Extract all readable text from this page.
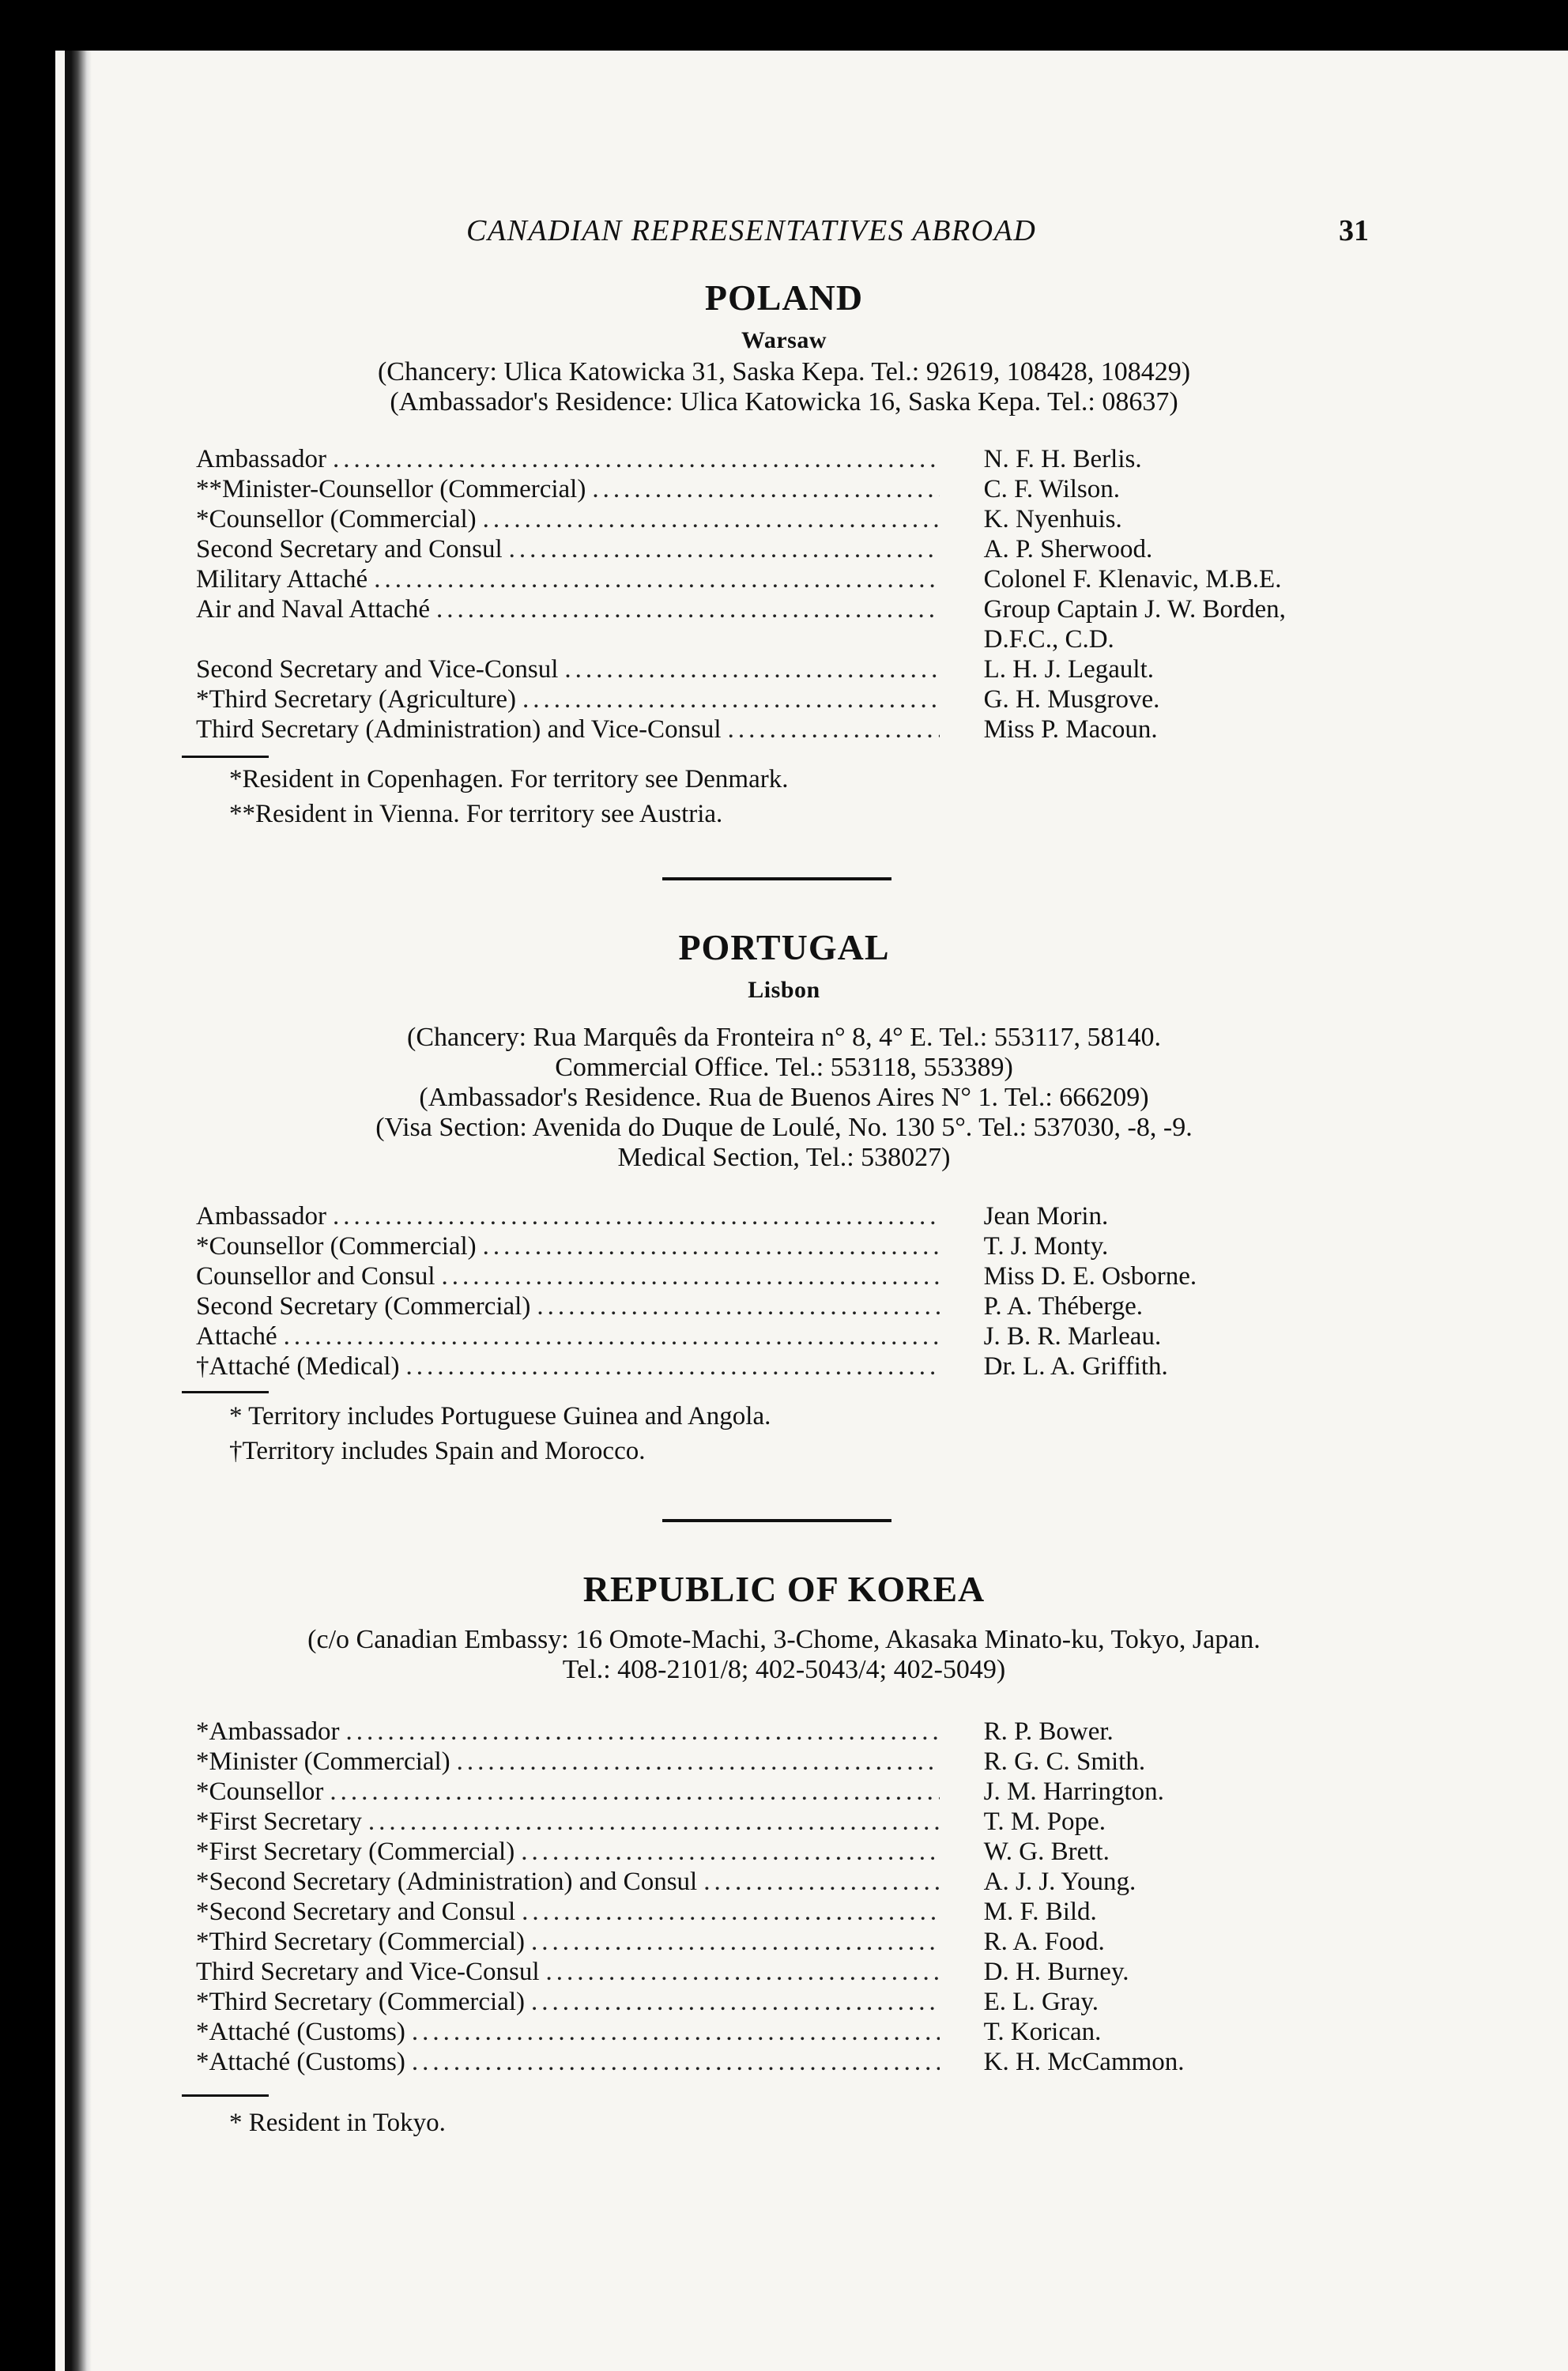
CANADIAN REPRESENTATIVES ABROAD	31
POLAND
Warsaw
(Chancery: Ulica Katowicka 31, Saska Kepa. Tel.: 92619, 108428, 108429)
(Ambassador's Residence: Ulica Katowicka 16, Saska Kepa. Tel.: 08637)
Ambassador .....	N. F. H. Berlis.
**Minister-Counsellor (Commercial) .....	C. F. Wilson.
*Counsellor (Commercial) .....	K. Nyenhuis.
Second Secretary and Consul .....	A. P. Sherwood.
Military Attaché .....	Colonel F. Klenavic, M.B.E.
Air and Naval Attaché .....	Group Captain J. W. Borden,
D.F.C., C.D.
Second Secretary and Vice-Consul .....	L. H. J. Legault.
*Third Secretary (Agriculture) .....	G. H. Musgrove.
Third Secretary (Administration) and Vice-Consul .....	Miss P. Macoun.
*Resident in Copenhagen. For territory see Denmark.
**Resident in Vienna. For territory see Austria.
PORTUGAL
Lisbon
(Chancery: Rua Marquês da Fronteira n° 8, 4° E. Tel.: 553117, 58140.
Commercial Office. Tel.: 553118, 553389)
(Ambassador's Residence. Rua de Buenos Aires N° 1. Tel.: 666209)
(Visa Section: Avenida do Duque de Loulé, No. 130 5°. Tel.: 537030, -8, -9.
Medical Section, Tel.: 538027)
Ambassador .....	Jean Morin.
*Counsellor (Commercial) .....	T. J. Monty.
Counsellor and Consul .....	Miss D. E. Osborne.
Second Secretary (Commercial) .....	P. A. Théberge.
Attaché .....	J. B. R. Marleau.
†Attaché (Medical) .....	Dr. L. A. Griffith.
* Territory includes Portuguese Guinea and Angola.
†Territory includes Spain and Morocco.
REPUBLIC OF KOREA
(c/o Canadian Embassy: 16 Omote-Machi, 3-Chome, Akasaka Minato-ku, Tokyo, Japan.
Tel.: 408-2101/8; 402-5043/4; 402-5049)
*Ambassador .....	R. P. Bower.
*Minister (Commercial) .....	R. G. C. Smith.
*Counsellor .....	J. M. Harrington.
*First Secretary .....	T. M. Pope.
*First Secretary (Commercial) .....	W. G. Brett.
*Second Secretary (Administration) and Consul .....	A. J. J. Young.
*Second Secretary and Consul .....	M. F. Bild.
*Third Secretary (Commercial) .....	R. A. Food.
Third Secretary and Vice-Consul .....	D. H. Burney.
*Third Secretary (Commercial) .....	E. L. Gray.
*Attaché (Customs) .....	T. Korican.
*Attaché (Customs) .....	K. H. McCammon.
* Resident in Tokyo.
